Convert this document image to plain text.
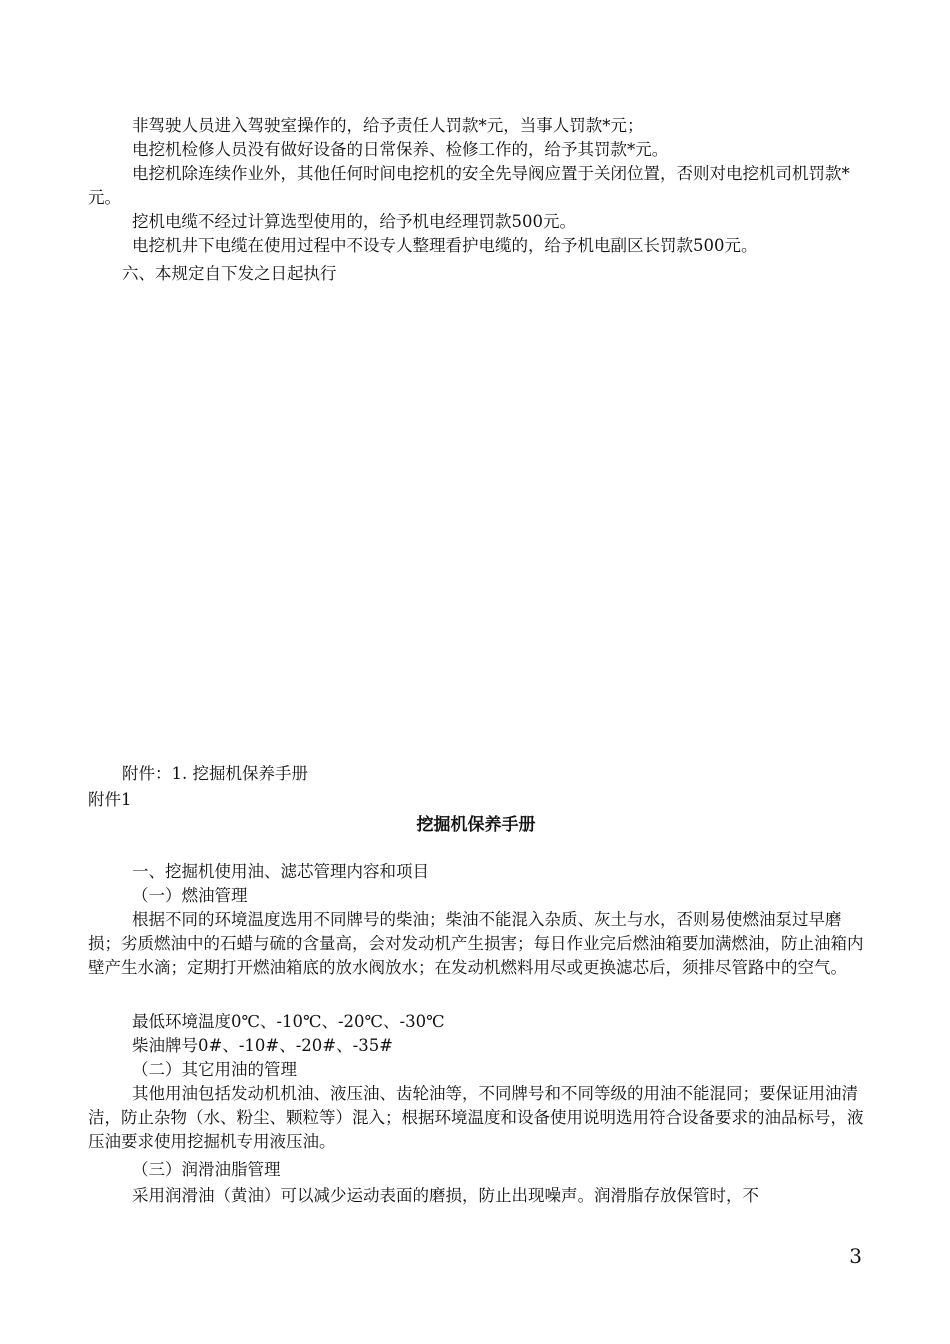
非驾驶人员进入驾驶室操作的，给予责任人罚款*元，当事人罚款*元；
电挖机检修人员没有做好设备的日常保养、检修工作的，给予其罚款*元。
电挖机除连续作业外，其他任何时间电挖机的安全先导阀应置于关闭位置，否则对电挖机司机罚款*元。
挖机电缆不经过计算选型使用的，给予机电经理罚款500元。
电挖机井下电缆在使用过程中不设专人整理看护电缆的，给予机电副区长罚款500元。
六、本规定自下发之日起执行
附件：1. 挖掘机保养手册
附件1
挖掘机保养手册
一、挖掘机使用油、滤芯管理内容和项目
（一）燃油管理
根据不同的环境温度选用不同牌号的柴油；柴油不能混入杂质、灰土与水，否则易使燃油泵过早磨损；劣质燃油中的石蜡与硫的含量高，会对发动机产生损害；每日作业完后燃油箱要加满燃油，防止油箱内壁产生水滴；定期打开燃油箱底的放水阀放水；在发动机燃料用尽或更换滤芯后，须排尽管路中的空气。
最低环境温度0℃、-10℃、-20℃、-30℃
柴油牌号0#、-10#、-20#、-35#
（二）其它用油的管理
其他用油包括发动机机油、液压油、齿轮油等，不同牌号和不同等级的用油不能混同；要保证用油清洁，防止杂物（水、粉尘、颗粒等）混入；根据环境温度和设备使用说明选用符合设备要求的油品标号，液压油要求使用挖掘机专用液压油。
（三）润滑油脂管理
采用润滑油（黄油）可以减少运动表面的磨损，防止出现噪声。润滑脂存放保管时，不
3
